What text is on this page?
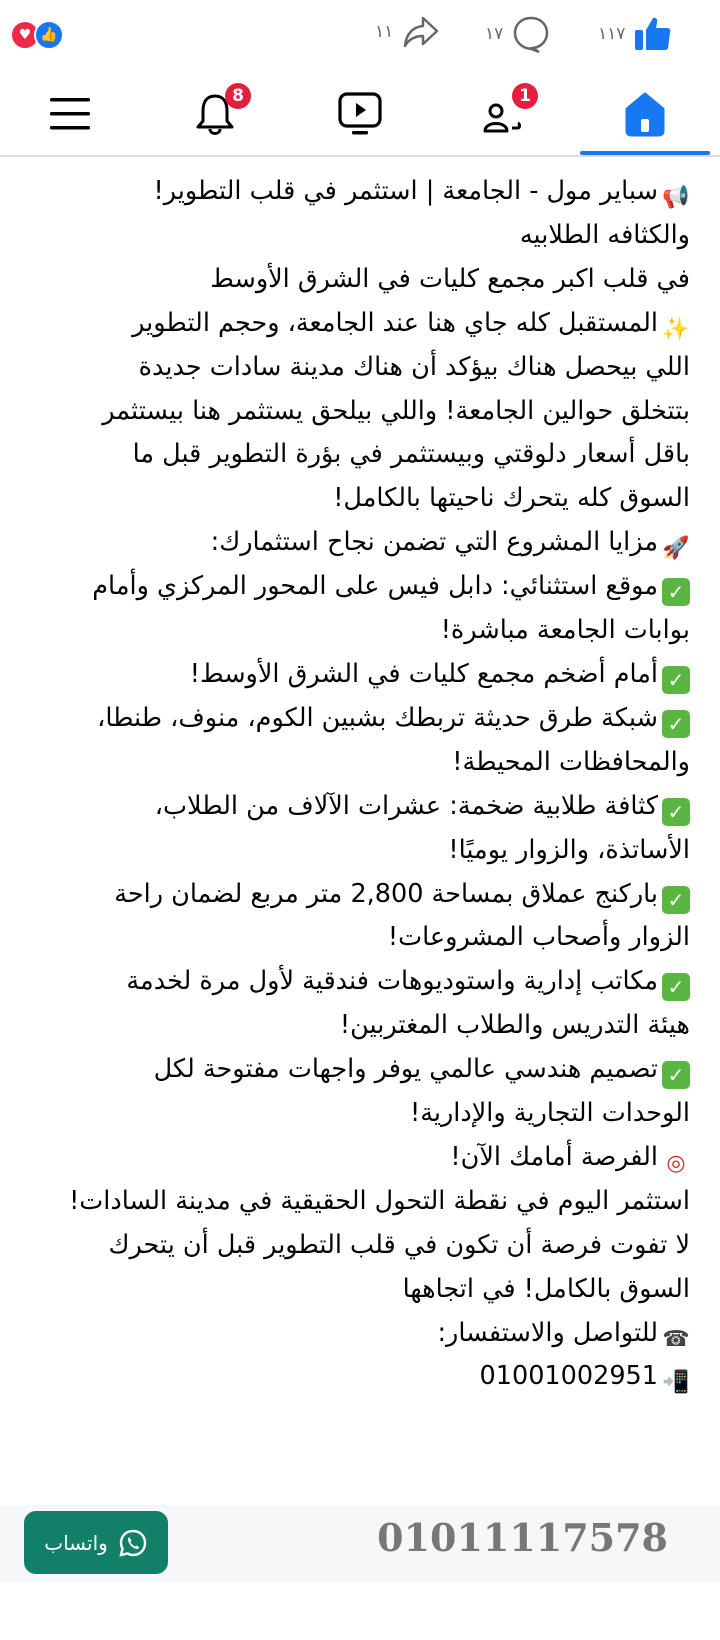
♥ 👍	١١	١٧	١١٧
8	1
📢سباير مول - الجامعة | استثمر في قلب التطوير!
والكثافه الطلابيه
في قلب اكبر مجمع كليات في الشرق الأوسط
✨المستقبل كله جاي هنا عند الجامعة، وحجم التطوير
اللي بيحصل هناك بيؤكد أن هناك مدينة سادات جديدة
بتتخلق حوالين الجامعة! واللي بيلحق يستثمر هنا بيستثمر
باقل أسعار دلوقتي وبيستثمر في بؤرة التطوير قبل ما
السوق كله يتحرك ناحيتها بالكامل!
🚀مزايا المشروع التي تضمن نجاح استثمارك:
✓موقع استثنائي: دابل فيس على المحور المركزي وأمام
بوابات الجامعة مباشرة!
✓أمام أضخم مجمع كليات في الشرق الأوسط!
✓شبكة طرق حديثة تربطك بشبين الكوم، منوف، طنطا،
والمحافظات المحيطة!
✓كثافة طلابية ضخمة: عشرات الآلاف من الطلاب،
الأساتذة، والزوار يوميًا!
✓باركنج عملاق بمساحة 2,800 متر مربع لضمان راحة
الزوار وأصحاب المشروعات!
✓مكاتب إدارية واستوديوهات فندقية لأول مرة لخدمة
هيئة التدريس والطلاب المغتربين!
✓تصميم هندسي عالمي يوفر واجهات مفتوحة لكل
الوحدات التجارية والإدارية!
◎الفرصة أمامك الآن!
استثمر اليوم في نقطة التحول الحقيقية في مدينة السادات!
لا تفوت فرصة أن تكون في قلب التطوير قبل أن يتحرك
السوق بالكامل! في اتجاهها
☎للتواصل والاستفسار:
📲01001002951
واتساب	01011117578
